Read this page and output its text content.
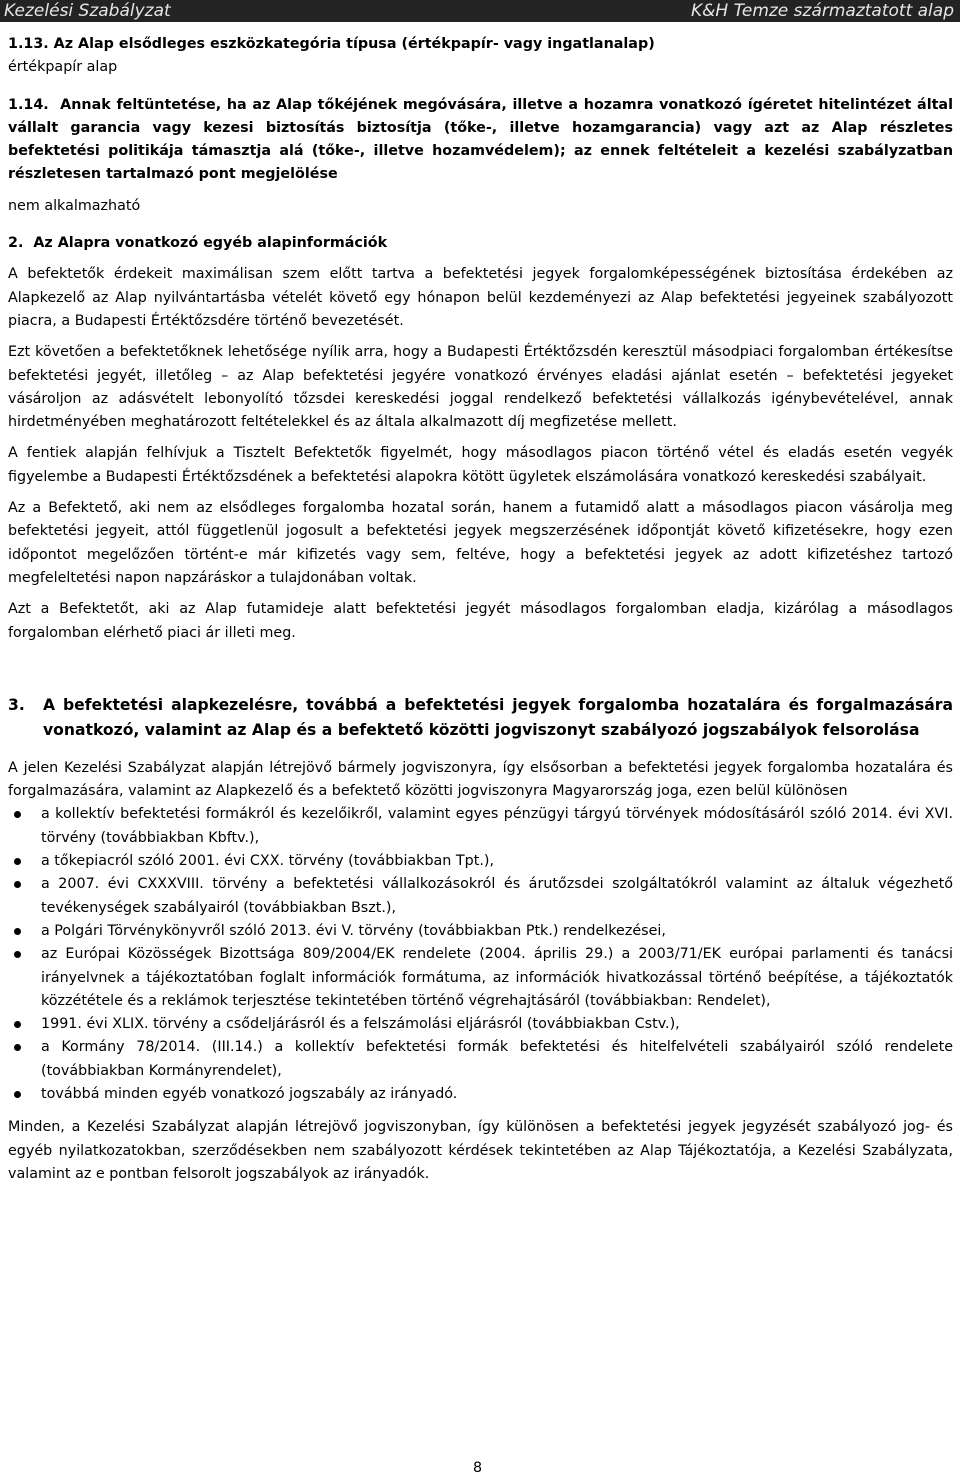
Kezelési Szabályzat	K&H Temze származtatott alap

1.13. Az Alap elsődleges eszközkategória típusa (értékpapír- vagy ingatlanalap)

értékpapír alap

1.14. Annak feltüntetése, ha az Alap tőkéjének megóvására, illetve a hozamra vonatkozó ígéretet hitelintézet által vállalt garancia vagy kezesi biztosítás biztosítja (tőke-, illetve hozamgarancia) vagy azt az Alap részletes befektetési politikája támasztja alá (tőke-, illetve hozamvédelem); az ennek feltételeit a kezelési szabályzatban részletesen tartalmazó pont megjelölése

nem alkalmazható

2. Az Alapra vonatkozó egyéb alapinformációk

A befektetők érdekeit maximálisan szem előtt tartva a befektetési jegyek forgalomképességének biztosítása érdekében az Alapkezelő az Alap nyilvántartásba vételét követő egy hónapon belül kezdeményezi az Alap befektetési jegyeinek szabályozott piacra, a Budapesti Értéktőzsdére történő bevezetését.

Ezt követően a befektetőknek lehetősége nyílik arra, hogy a Budapesti Értéktőzsdén keresztül másodpiaci forgalomban értékesítse befektetési jegyét, illetőleg – az Alap befektetési jegyére vonatkozó érvényes eladási ajánlat esetén – befektetési jegyeket vásároljon az adásvételt lebonyolító tőzsdei kereskedési joggal rendelkező befektetési vállalkozás igénybevételével, annak hirdetményében meghatározott feltételekkel és az általa alkalmazott díj megfizetése mellett.

A fentiek alapján felhívjuk a Tisztelt Befektetők figyelmét, hogy másodlagos piacon történő vétel és eladás esetén vegyék figyelembe a Budapesti Értéktőzsdének a befektetési alapokra kötött ügyletek elszámolására vonatkozó kereskedési szabályait.

Az a Befektető, aki nem az elsődleges forgalomba hozatal során, hanem a futamidő alatt a másodlagos piacon vásárolja meg befektetési jegyeit, attól függetlenül jogosult a befektetési jegyek megszerzésének időpontját követő kifizetésekre, hogy ezen időpontot megelőzően történt-e már kifizetés vagy sem, feltéve, hogy a befektetési jegyek az adott kifizetéshez tartozó megfeleltetési napon napzáráskor a tulajdonában voltak.

Azt a Befektetőt, aki az Alap futamideje alatt befektetési jegyét másodlagos forgalomban eladja, kizárólag a másodlagos forgalomban elérhető piaci ár illeti meg.

3.	A befektetési alapkezelésre, továbbá a befektetési jegyek forgalomba hozatalára és forgalmazására vonatkozó, valamint az Alap és a befektető közötti jogviszonyt szabályozó jogszabályok felsorolása

A jelen Kezelési Szabályzat alapján létrejövő bármely jogviszonyra, így elsősorban a befektetési jegyek forgalomba hozatalára és forgalmazására, valamint az Alapkezelő és a befektető közötti jogviszonyra Magyarország joga, ezen belül különösen

a kollektív befektetési formákról és kezelőikről, valamint egyes pénzügyi tárgyú törvények módosításáról szóló 2014. évi XVI. törvény (továbbiakban Kbftv.),
a tőkepiacról szóló 2001. évi CXX. törvény (továbbiakban Tpt.),
a 2007. évi CXXXVIII. törvény a befektetési vállalkozásokról és árutőzsdei szolgáltatókról valamint az általuk végezhető tevékenységek szabályairól (továbbiakban Bszt.),
a Polgári Törvénykönyvről szóló 2013. évi V. törvény (továbbiakban Ptk.) rendelkezései,
az Európai Közösségek Bizottsága 809/2004/EK rendelete (2004. április 29.) a 2003/71/EK európai parlamenti és tanácsi irányelvnek a tájékoztatóban foglalt információk formátuma, az információk hivatkozással történő beépítése, a tájékoztatók közzététele és a reklámok terjesztése tekintetében történő végrehajtásáról (továbbiakban: Rendelet),
1991. évi XLIX. törvény a csődeljárásról és a felszámolási eljárásról (továbbiakban Cstv.),
a Kormány 78/2014. (III.14.) a kollektív befektetési formák befektetési és hitelfelvételi szabályairól szóló rendelete (továbbiakban Kormányrendelet),
továbbá minden egyéb vonatkozó jogszabály az irányadó.

Minden, a Kezelési Szabályzat alapján létrejövő jogviszonyban, így különösen a befektetési jegyek jegyzését szabályozó jog- és egyéb nyilatkozatokban, szerződésekben nem szabályozott kérdések tekintetében az Alap Tájékoztatója, a Kezelési Szabályzata, valamint az e pontban felsorolt jogszabályok az irányadók.

8
